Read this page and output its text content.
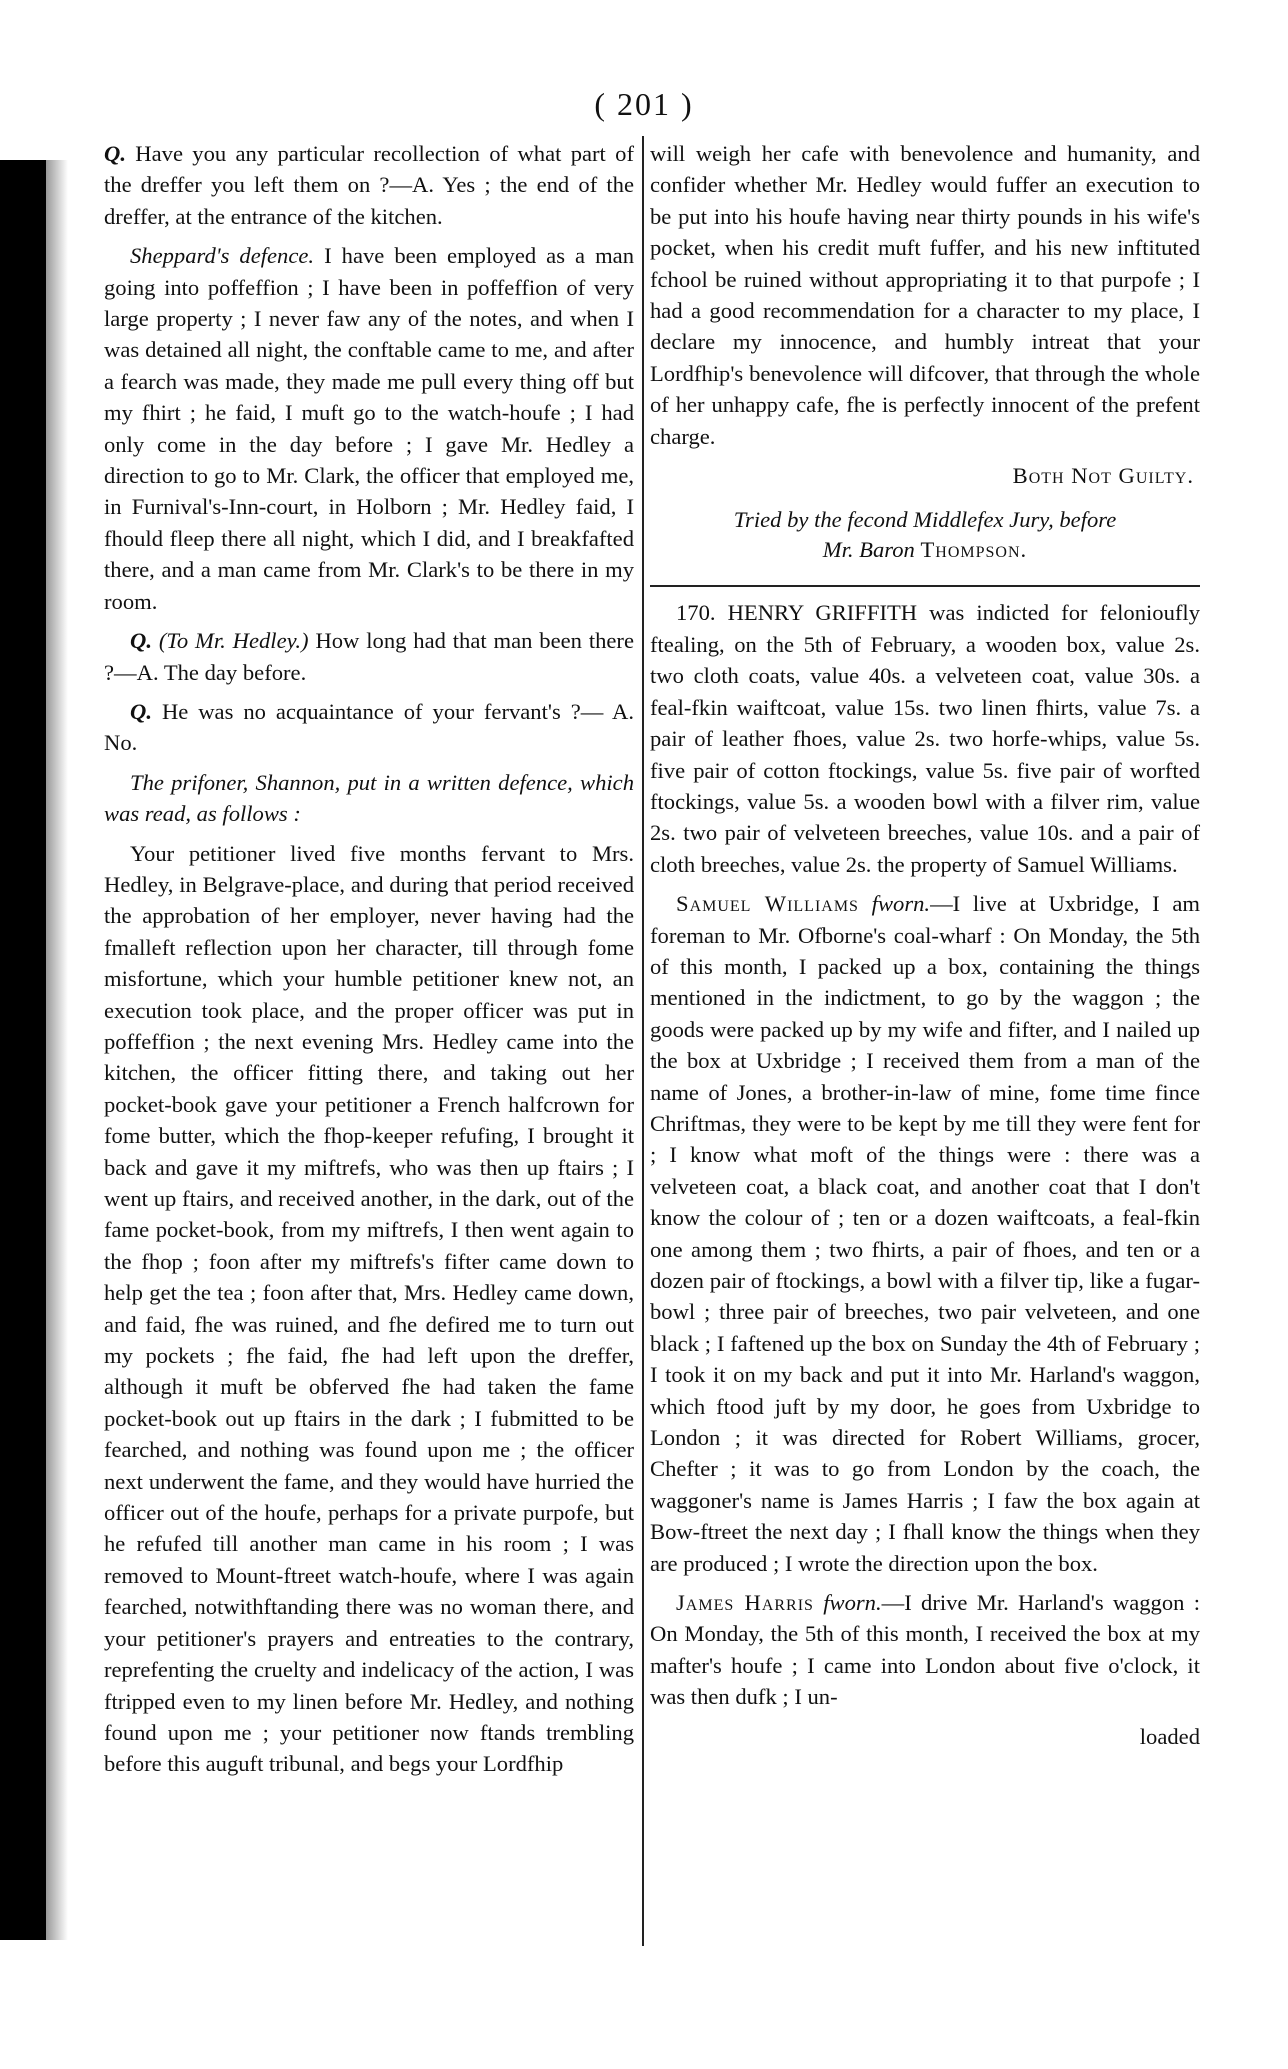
( 201 )

Q. Have you any particular recollection of what part of the dreffer you left them on ?—A. Yes ; the end of the dreffer, at the entrance of the kitchen.

Sheppard's defence. I have been employed as a man going into poffeffion ; I have been in poffeffion of very large property ; I never faw any of the notes, and when I was detained all night, the conftable came to me, and after a fearch was made, they made me pull every thing off but my fhirt ; he faid, I muft go to the watch-houfe ; I had only come in the day before ; I gave Mr. Hedley a direction to go to Mr. Clark, the officer that employed me, in Furnival's-Inn-court, in Holborn ; Mr. Hedley faid, I fhould fleep there all night, which I did, and I breakfafted there, and a man came from Mr. Clark's to be there in my room.

Q. (To Mr. Hedley.) How long had that man been there ?—A. The day before.

Q. He was no acquaintance of your fervant's ?— A. No.

The prifoner, Shannon, put in a written defence, which was read, as follows :

Your petitioner lived five months fervant to Mrs. Hedley, in Belgrave-place, and during that period received the approbation of her employer, never having had the fmalleft reflection upon her character, till through fome misfortune, which your humble petitioner knew not, an execution took place, and the proper officer was put in poffeffion ; the next evening Mrs. Hedley came into the kitchen, the officer fitting there, and taking out her pocket-book gave your petitioner a French halfcrown for fome butter, which the fhop-keeper refufing, I brought it back and gave it my miftrefs, who was then up ftairs ; I went up ftairs, and received another, in the dark, out of the fame pocket-book, from my miftrefs, I then went again to the fhop ; foon after my miftrefs's fifter came down to help get the tea ; foon after that, Mrs. Hedley came down, and faid, fhe was ruined, and fhe defired me to turn out my pockets ; fhe faid, fhe had left upon the dreffer, although it muft be obferved fhe had taken the fame pocket-book out up ftairs in the dark ; I fubmitted to be fearched, and nothing was found upon me ; the officer next underwent the fame, and they would have hurried the officer out of the houfe, perhaps for a private purpofe, but he refufed till another man came in his room ; I was removed to Mount-ftreet watch-houfe, where I was again fearched, notwithftanding there was no woman there, and your petitioner's prayers and entreaties to the contrary, reprefenting the cruelty and indelicacy of the action, I was ftripped even to my linen before Mr. Hedley, and nothing found upon me ; your petitioner now ftands trembling before this auguft tribunal, and begs your Lordfhip

will weigh her cafe with benevolence and humanity, and confider whether Mr. Hedley would fuffer an execution to be put into his houfe having near thirty pounds in his wife's pocket, when his credit muft fuffer, and his new inftituted fchool be ruined without appropriating it to that purpofe ; I had a good recommendation for a character to my place, I declare my innocence, and humbly intreat that your Lordfhip's benevolence will difcover, that through the whole of her unhappy cafe, fhe is perfectly innocent of the prefent charge.

Both Not Guilty.

Tried by the fecond Middlefex Jury, before
Mr. Baron Thompson.

170. HENRY GRIFFITH was indicted for felonioufly ftealing, on the 5th of February, a wooden box, value 2s. two cloth coats, value 40s. a velveteen coat, value 30s. a feal-fkin waiftcoat, value 15s. two linen fhirts, value 7s. a pair of leather fhoes, value 2s. two horfe-whips, value 5s. five pair of cotton ftockings, value 5s. five pair of worfted ftockings, value 5s. a wooden bowl with a filver rim, value 2s. two pair of velveteen breeches, value 10s. and a pair of cloth breeches, value 2s. the property of Samuel Williams.

Samuel Williams fworn.—I live at Uxbridge, I am foreman to Mr. Ofborne's coal-wharf : On Monday, the 5th of this month, I packed up a box, containing the things mentioned in the indictment, to go by the waggon ; the goods were packed up by my wife and fifter, and I nailed up the box at Uxbridge ; I received them from a man of the name of Jones, a brother-in-law of mine, fome time fince Chriftmas, they were to be kept by me till they were fent for ; I know what moft of the things were : there was a velveteen coat, a black coat, and another coat that I don't know the colour of ; ten or a dozen waiftcoats, a feal-fkin one among them ; two fhirts, a pair of fhoes, and ten or a dozen pair of ftockings, a bowl with a filver tip, like a fugar-bowl ; three pair of breeches, two pair velveteen, and one black ; I faftened up the box on Sunday the 4th of February ; I took it on my back and put it into Mr. Harland's waggon, which ftood juft by my door, he goes from Uxbridge to London ; it was directed for Robert Williams, grocer, Chefter ; it was to go from London by the coach, the waggoner's name is James Harris ; I faw the box again at Bow-ftreet the next day ; I fhall know the things when they are produced ; I wrote the direction upon the box.

James Harris fworn.—I drive Mr. Harland's waggon : On Monday, the 5th of this month, I received the box at my mafter's houfe ; I came into London about five o'clock, it was then dufk ; I un-

loaded
